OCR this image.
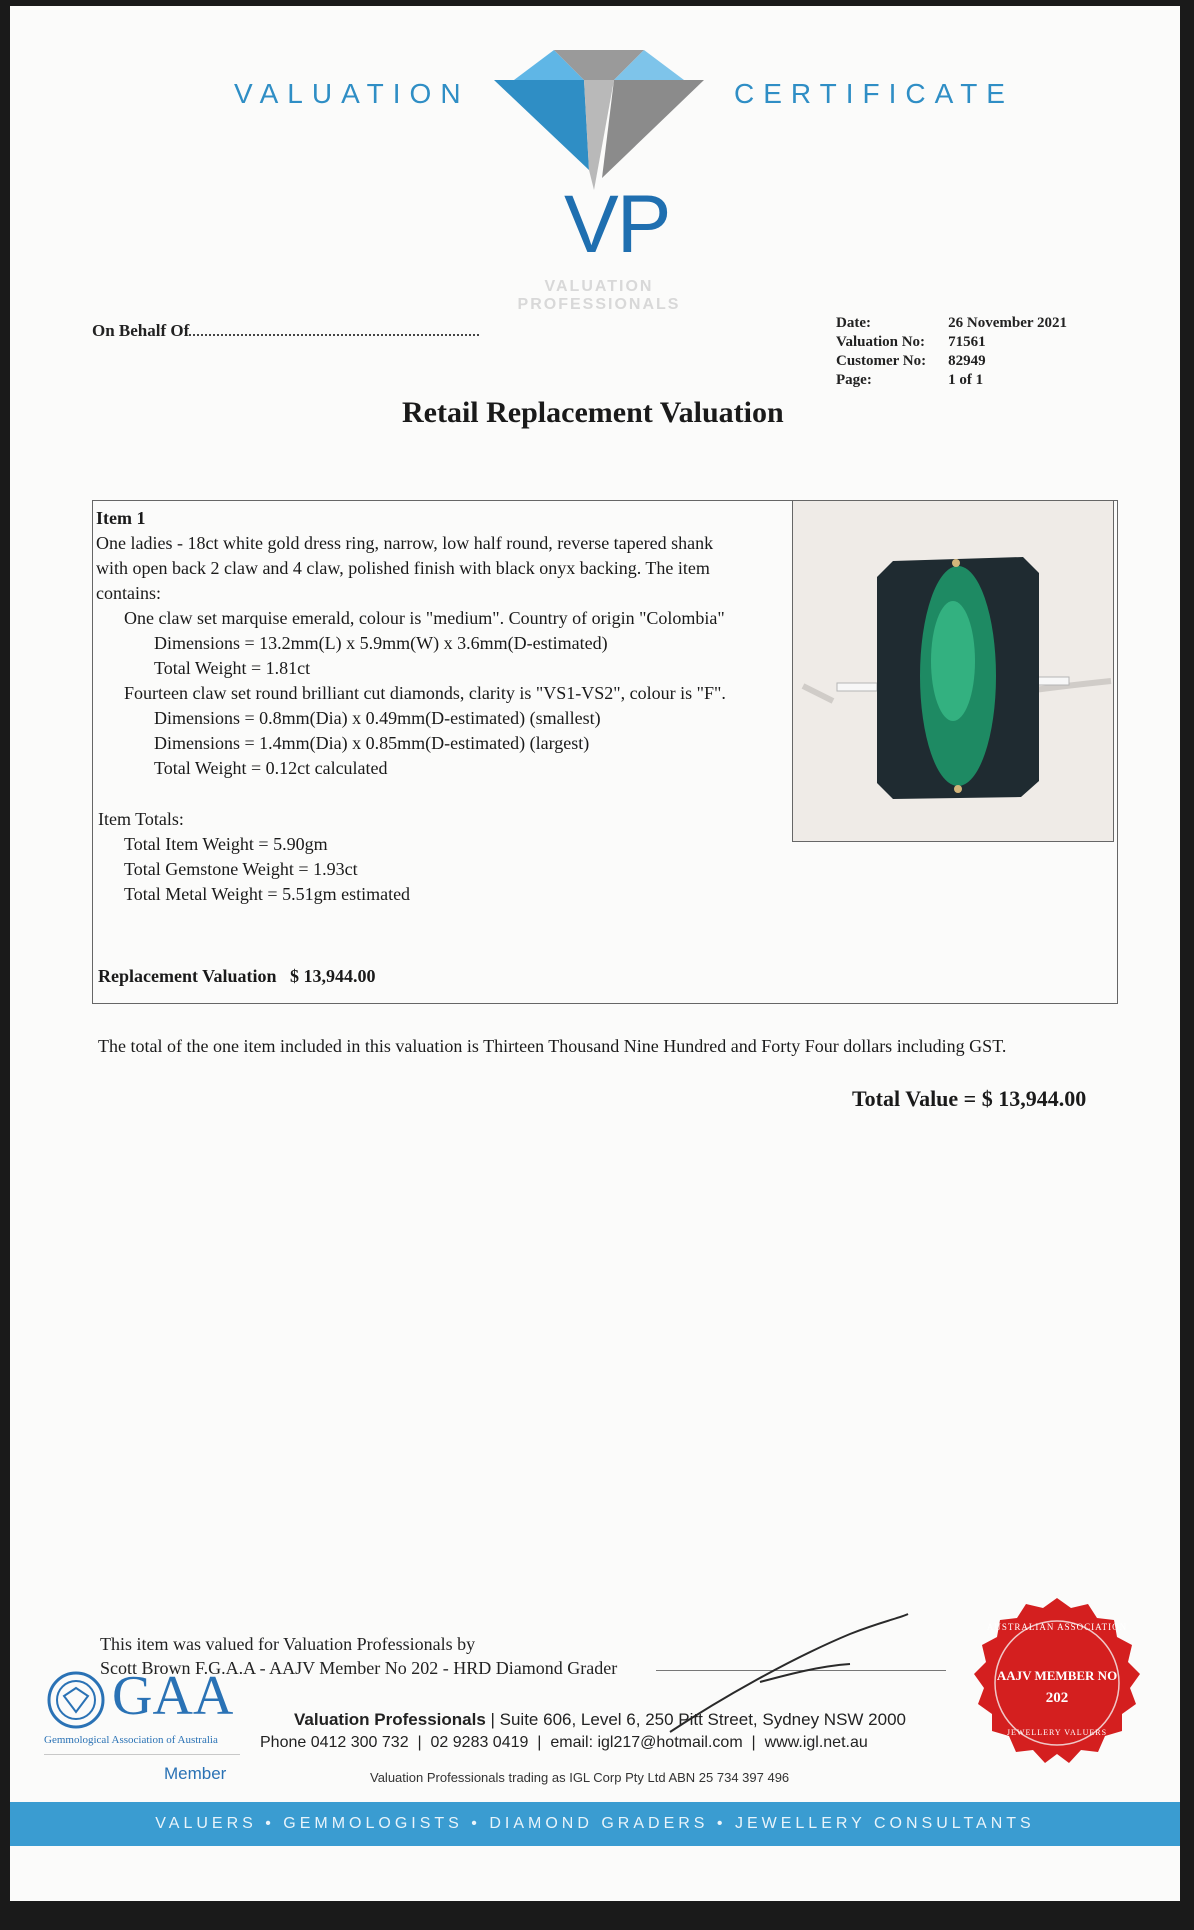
VALUATION	CERTIFICATE
VP
VALUATION
PROFESSIONALS
On Behalf Of	Date:	26 November 2021
Valuation No:	71561
Customer No:	82949
Page:	1 of 1
Retail Replacement Valuation
Item 1
One ladies - 18ct white gold dress ring, narrow, low half round, reverse tapered shank
with open back 2 claw and 4 claw, polished finish with black onyx backing. The item
contains:
One claw set marquise emerald, colour is "medium". Country of origin "Colombia"
Dimensions = 13.2mm(L) x 5.9mm(W) x 3.6mm(D-estimated)
Total Weight = 1.81ct
Fourteen claw set round brilliant cut diamonds, clarity is "VS1-VS2", colour is "F".
Dimensions = 0.8mm(Dia) x 0.49mm(D-estimated) (smallest)
Dimensions = 1.4mm(Dia) x 0.85mm(D-estimated) (largest)
Total Weight = 0.12ct calculated
Item Totals:
Total Item Weight = 5.90gm
Total Gemstone Weight = 1.93ct
Total Metal Weight = 5.51gm estimated
Replacement Valuation $ 13,944.00
The total of the one item included in this valuation is Thirteen Thousand Nine Hundred and Forty Four dollars including GST.
Total Value = $ 13,944.00
This item was valued for Valuation Professionals by
Scott Brown F.G.A.A - AAJV Member No 202 - HRD Diamond Grader
GAA
Gemmological Association of Australia
Member
Valuation Professionals | Suite 606, Level 6, 250 Pitt Street, Sydney NSW 2000
Phone 0412 300 732  |  02 9283 0419  |  email: igl217@hotmail.com  |  www.igl.net.au
Valuation Professionals trading as IGL Corp Pty Ltd ABN 25 734 397 496
AUSTRALIAN ASSOCIATION
AAJV MEMBER NO
202
JEWELLERY VALUERS
VALUERS • GEMMOLOGISTS • DIAMOND GRADERS • JEWELLERY CONSULTANTS
